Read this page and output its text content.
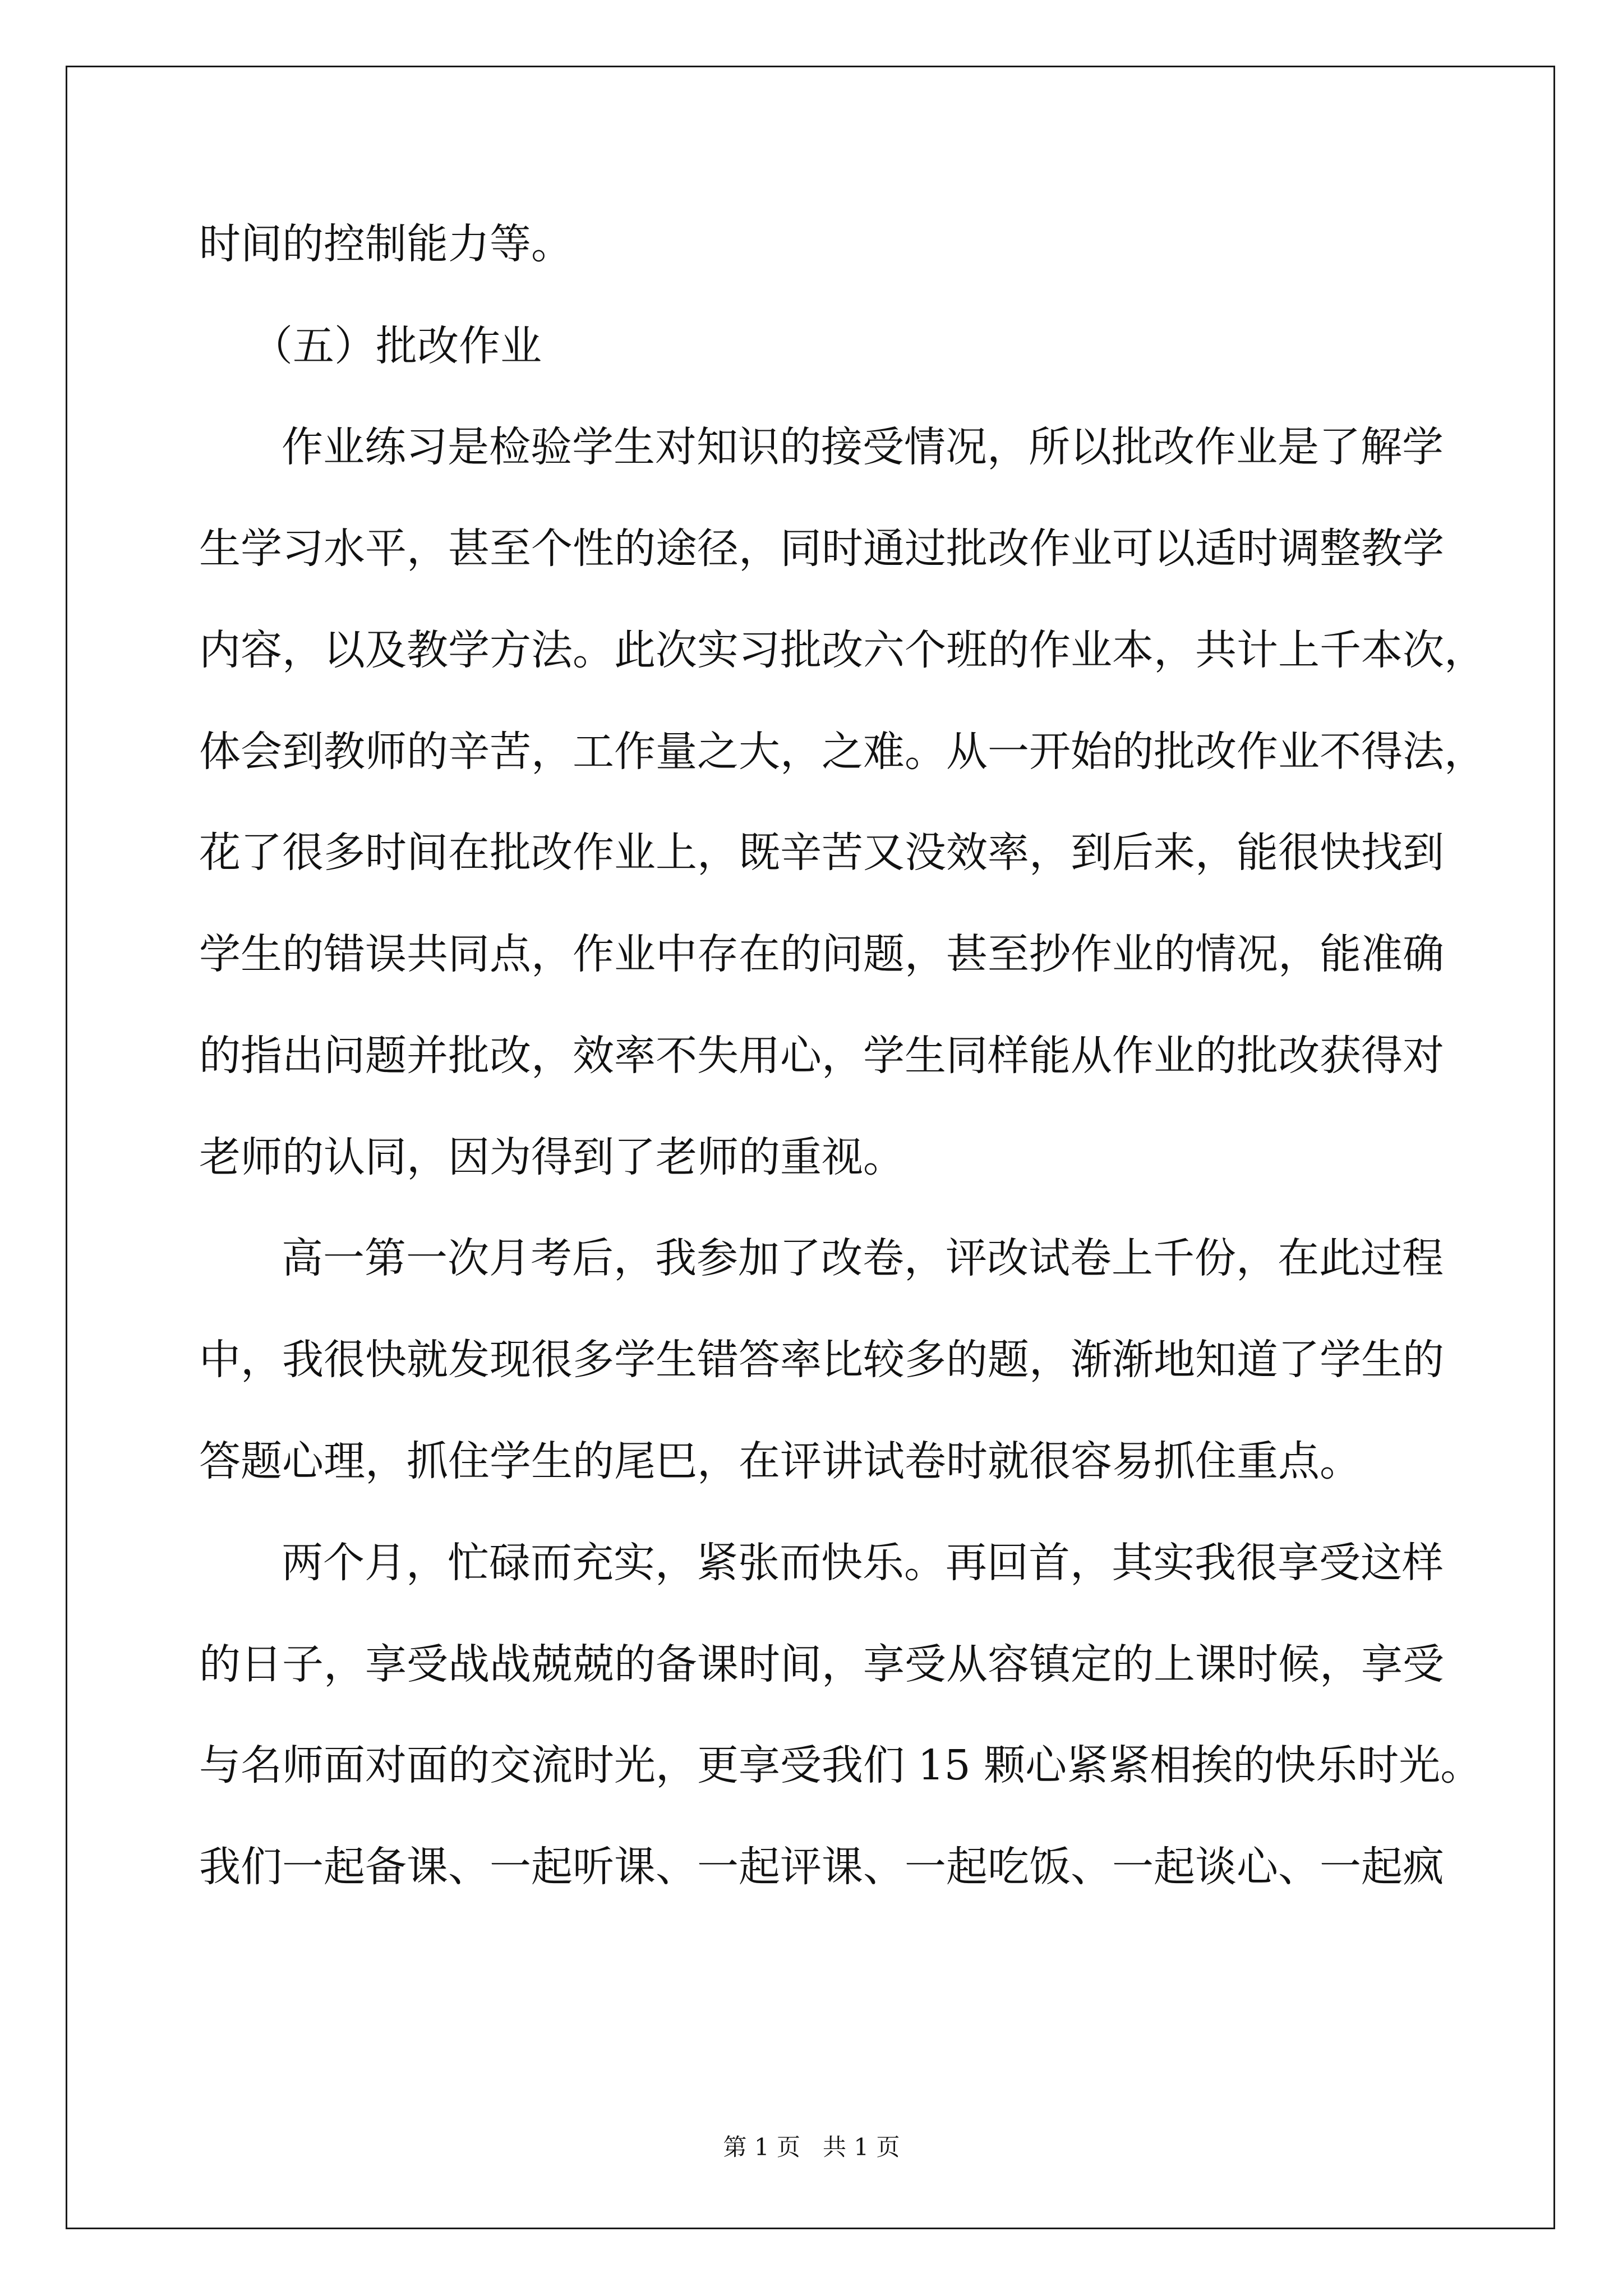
时间的控制能力等。
（五）批改作业
作业练习是检验学生对知识的接受情况，所以批改作业是了解学
生学习水平，甚至个性的途径，同时通过批改作业可以适时调整教学
内容，以及教学方法。此次实习批改六个班的作业本，共计上千本次，
体会到教师的辛苦，工作量之大，之难。从一开始的批改作业不得法，
花了很多时间在批改作业上，既辛苦又没效率，到后来，能很快找到
学生的错误共同点，作业中存在的问题，甚至抄作业的情况，能准确
的指出问题并批改，效率不失用心，学生同样能从作业的批改获得对
老师的认同，因为得到了老师的重视。
高一第一次月考后，我参加了改卷，评改试卷上千份，在此过程
中，我很快就发现很多学生错答率比较多的题，渐渐地知道了学生的
答题心理，抓住学生的尾巴，在评讲试卷时就很容易抓住重点。
两个月，忙碌而充实，紧张而快乐。再回首，其实我很享受这样
的日子，享受战战兢兢的备课时间，享受从容镇定的上课时候，享受
与名师面对面的交流时光，更享受我们 15 颗心紧紧相挨的快乐时光。
我们一起备课、一起听课、一起评课、一起吃饭、一起谈心、一起疯
第 1 页   共 1 页
